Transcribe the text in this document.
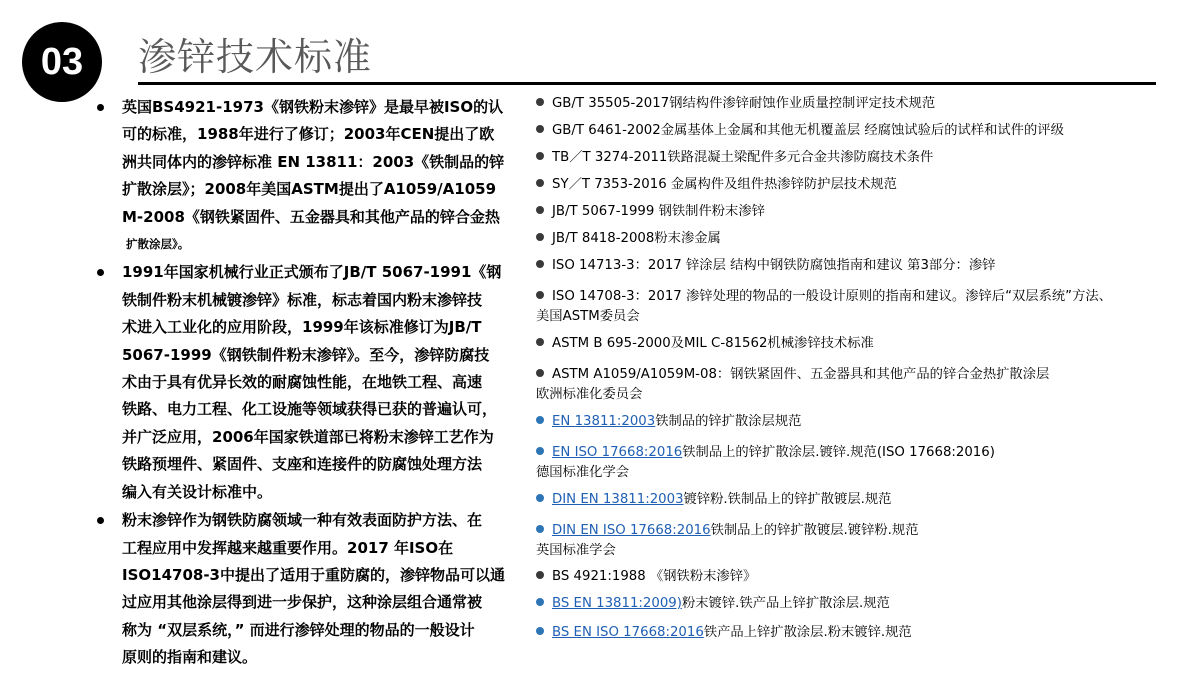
03	渗锌技术标准
英国BS4921-1973《钢铁粉末渗锌》是最早被ISO的认
可的标准，1988年进行了修订；2003年CEN提出了欧
洲共同体内的渗锌标准 EN 13811：2003《铁制品的锌
扩散涂层》；2008年美国ASTM提出了A1059/A1059
M-2008《钢铁紧固件、五金器具和其他产品的锌合金热
扩散涂层》。
1991年国家机械行业正式颁布了JB/T 5067-1991《钢
铁制件粉末机械镀渗锌》标准，标志着国内粉末渗锌技
术进入工业化的应用阶段，1999年该标准修订为JB/T
5067-1999《钢铁制件粉末渗锌》。至今，渗锌防腐技
术由于具有优异长效的耐腐蚀性能，在地铁工程、高速
铁路、电力工程、化工设施等领域获得已获的普遍认可，
并广泛应用，2006年国家铁道部已将粉末渗锌工艺作为
铁路预埋件、紧固件、支座和连接件的防腐蚀处理方法
编入有关设计标准中。
粉末渗锌作为钢铁防腐领域一种有效表面防护方法、在
工程应用中发挥越来越重要作用。2017 年ISO在
ISO14708-3中提出了适用于重防腐的，渗锌物品可以通
过应用其他涂层得到进一步保护，这种涂层组合通常被
称为 “双层系统，” 而进行渗锌处理的物品的一般设计
原则的指南和建议。
GB/T 35505-2017钢结构件渗锌耐蚀作业质量控制评定技术规范
GB/T 6461-2002金属基体上金属和其他无机覆盖层 经腐蚀试验后的试样和试件的评级
TB／T 3274-2011铁路混凝土梁配件多元合金共渗防腐技术条件
SY／T 7353-2016 金属构件及组件热渗锌防护层技术规范
JB/T 5067-1999 钢铁制件粉末渗锌
JB/T 8418-2008粉末渗金属
ISO 14713-3：2017 锌涂层 结构中钢铁防腐蚀指南和建议 第3部分：渗锌
ISO 14708-3：2017 渗锌处理的物品的一般设计原则的指南和建议。渗锌后“双层系统”方法、
美国ASTM委员会
ASTM B 695-2000及MIL C-81562机械渗锌技术标准
ASTM A1059/A1059M-08：钢铁紧固件、五金器具和其他产品的锌合金热扩散涂层
欧洲标准化委员会
EN 13811:2003铁制品的锌扩散涂层规范
EN ISO 17668:2016铁制品上的锌扩散涂层.镀锌.规范(ISO 17668:2016)
德国标准化学会
DIN EN 13811:2003镀锌粉.铁制品上的锌扩散镀层.规范
DIN EN ISO 17668:2016铁制品上的锌扩散镀层.镀锌粉.规范
英国标准学会
BS 4921:1988 《钢铁粉末渗锌》
BS EN 13811:2009)粉末镀锌.铁产品上锌扩散涂层.规范
BS EN ISO 17668:2016铁产品上锌扩散涂层.粉末镀锌.规范
